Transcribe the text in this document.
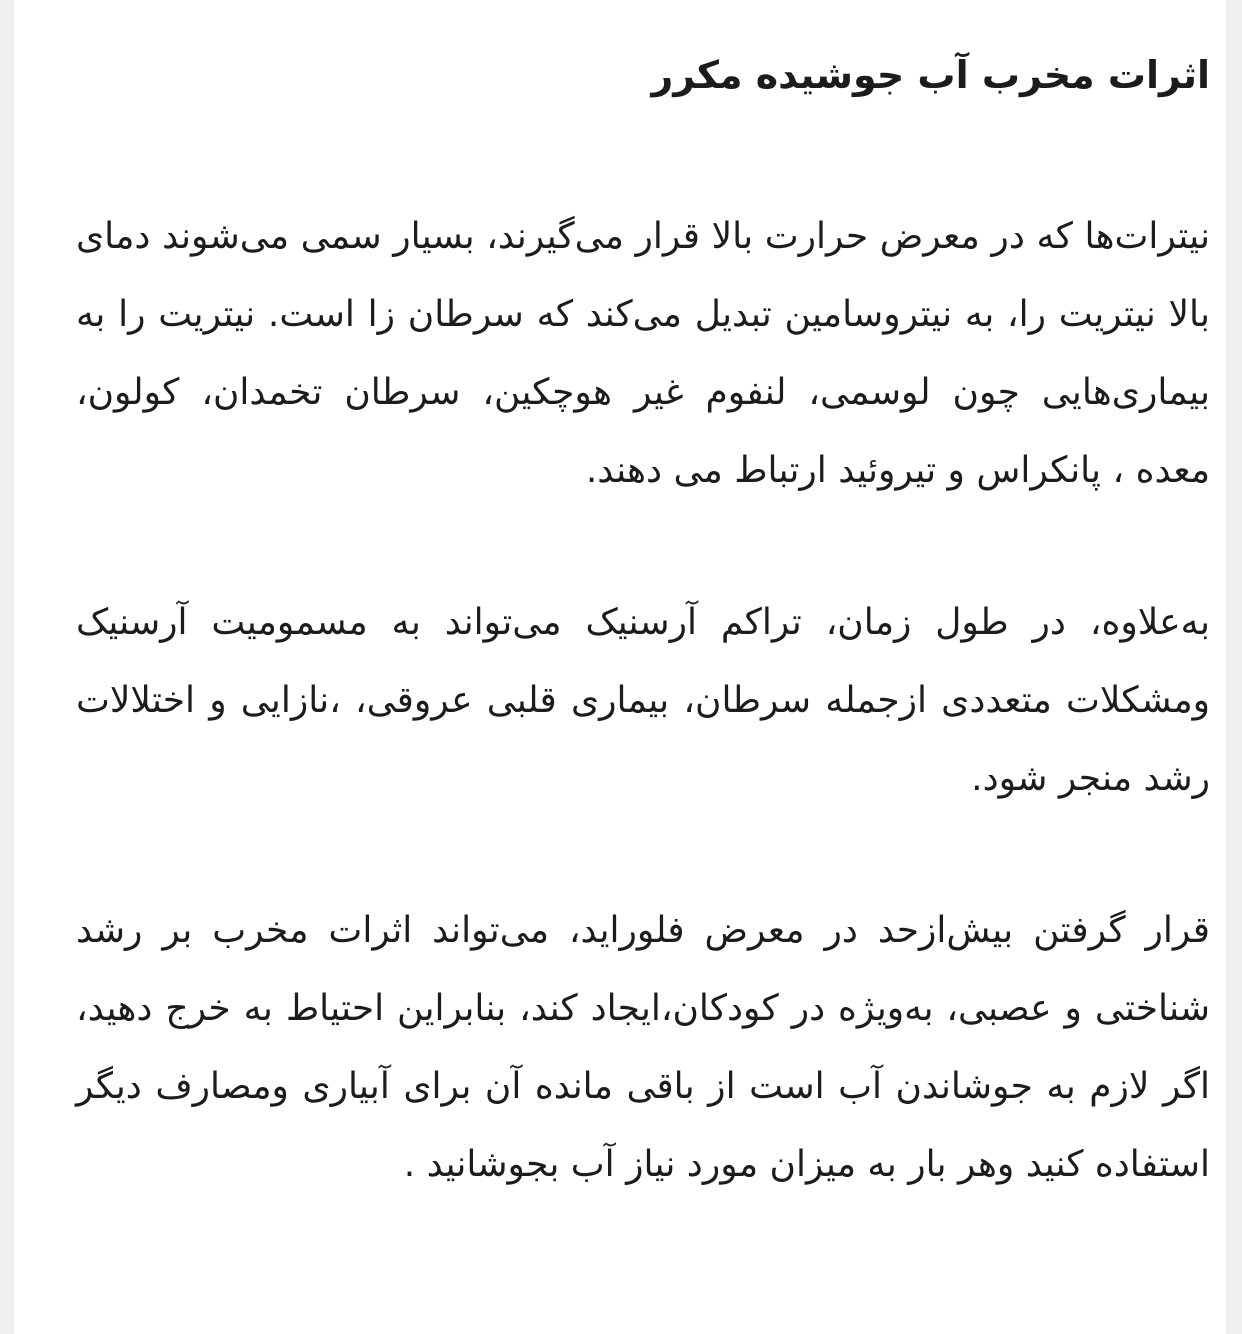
اثرات مخرب آب جوشیده مکرر

نیترات‌ها که در معرض حرارت بالا قرار می‌گیرند، بسیار سمی می‌شوند دمای بالا نیتریت را، به نیتروسامین تبدیل می‌کند که سرطان زا است. نیتریت را به بیماری‌هایی چون لوسمی، لنفوم غیر هوچکین، سرطان تخمدان، کولون، معده ، پانکراس و تیروئید ارتباط می دهند.

به‌علاوه، در طول زمان، تراکم آرسنیک می‌تواند به مسمومیت آرسنیک ومشکلات متعددی ازجمله سرطان، بیماری قلبی عروقی، ،نازایی و اختلالات رشد منجر شود.

قرار گرفتن بیش‌ازحد در معرض فلوراید، می‌تواند اثرات مخرب بر رشد شناختی و عصبی، به‌ویژه در کودکان،ایجاد کند، بنابراین احتیاط به خرج دهید، اگر لازم به جوشاندن آب است از باقی مانده آن برای آبیاری ومصارف دیگر استفاده کنید وهر بار به میزان مورد نیاز آب بجوشانید .
